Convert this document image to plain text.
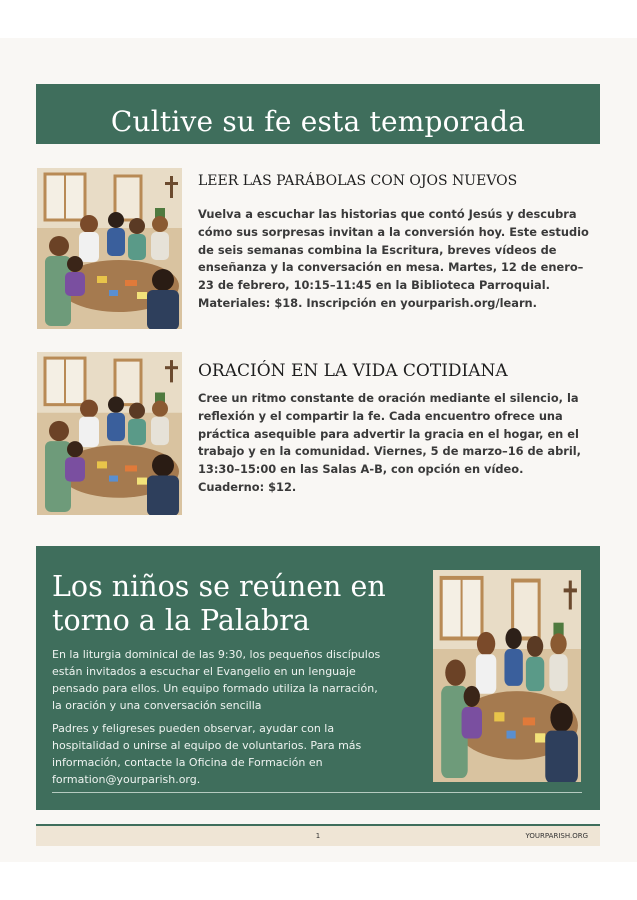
Cultive su fe esta temporada
LEER LAS PARÁBOLAS CON OJOS NUEVOS

Vuelva a escuchar las historias que contó Jesús y descubra cómo sus sorpresas invitan a la conversión hoy. Este estudio de seis semanas combina la Escritura, breves vídeos de enseñanza y la conversación en mesa. Martes, 12 de enero–23 de febrero, 10:15–11:45 en la Biblioteca Parroquial. Materiales: $18. Inscripción en yourparish.org/learn.

ORACIÓN EN LA VIDA COTIDIANA

Cree un ritmo constante de oración mediante el silencio, la reflexión y el compartir la fe. Cada encuentro ofrece una práctica asequible para advertir la gracia en el hogar, en el trabajo y en la comunidad. Viernes, 5 de marzo–16 de abril, 13:30–15:00 en las Salas A-B, con opción en vídeo. Cuaderno: $12.

Los niños se reúnen en torno a la Palabra

En la liturgia dominical de las 9:30, los pequeños discípulos están invitados a escuchar el Evangelio en un lenguaje pensado para ellos. Un equipo formado utiliza la narración, la oración y una conversación sencilla

Padres y feligreses pueden observar, ayudar con la hospitalidad o unirse al equipo de voluntarios. Para más información, contacte la Oficina de Formación en formation@yourparish.org.

1	YOURPARISH.ORG
